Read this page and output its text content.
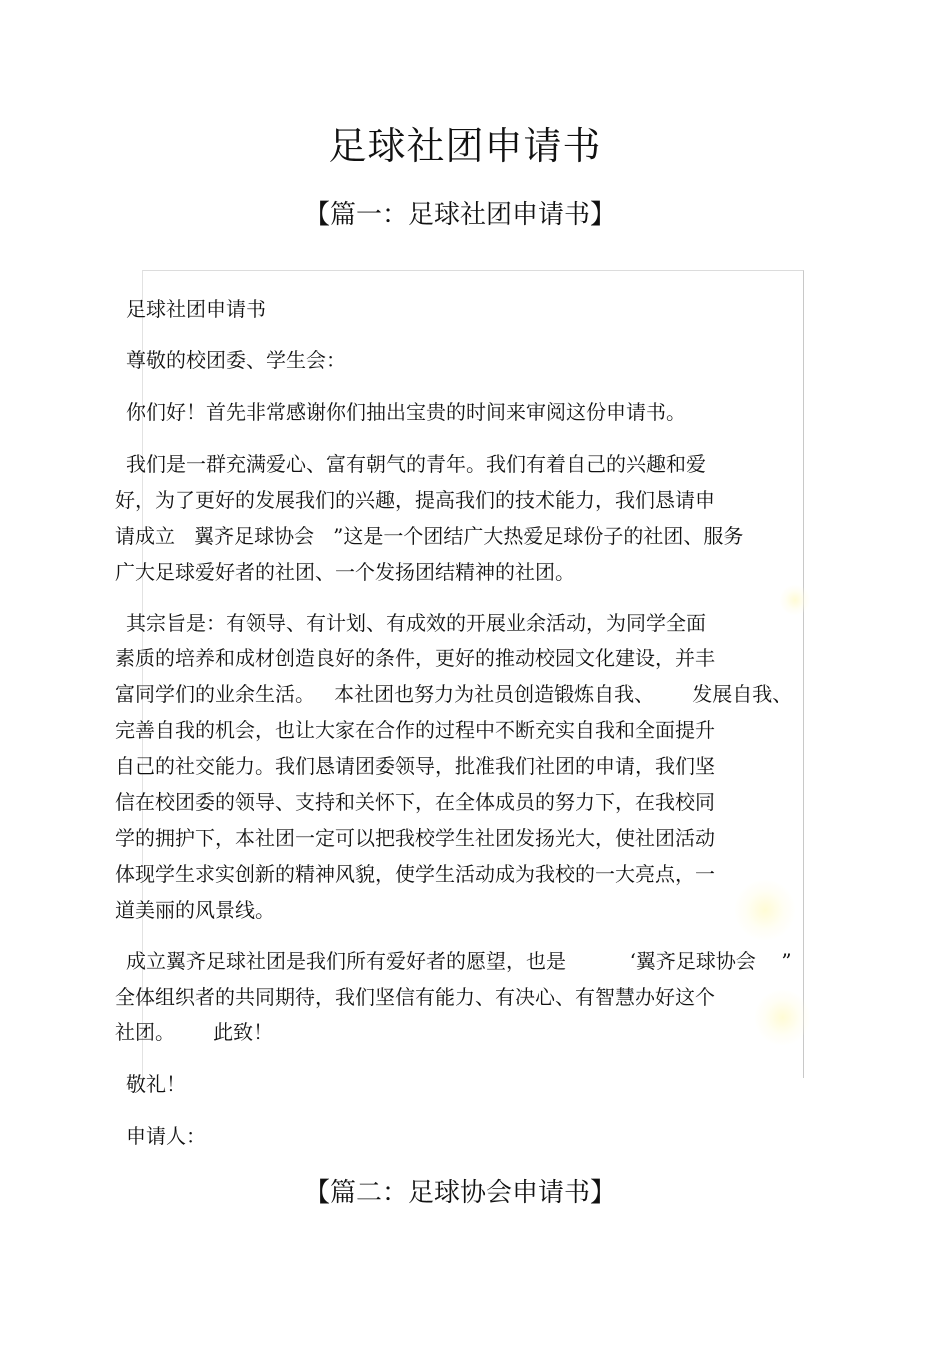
足球社团申请书
【篇一：足球社团申请书】
足球社团申请书
尊敬的校团委、学生会：
你们好！首先非常感谢你们抽出宝贵的时间来审阅这份申请书。
我们是一群充满爱心、富有朝气的青年。我们有着自己的兴趣和爱
好，为了更好的发展我们的兴趣，提高我们的技术能力，我们恳请申
请成立   翼齐足球协会   ”这是一个团结广大热爱足球份子的社团、服务
广大足球爱好者的社团、一个发扬团结精神的社团。
其宗旨是：有领导、有计划、有成效的开展业余活动，为同学全面
素质的培养和成材创造良好的条件，更好的推动校园文化建设，并丰
富同学们的业余生活。   本社团也努力为社员创造锻炼自我、      发展自我、
完善自我的机会，也让大家在合作的过程中不断充实自我和全面提升
自己的社交能力。我们恳请团委领导，批准我们社团的申请，我们坚
信在校团委的领导、支持和关怀下，在全体成员的努力下，在我校同
学的拥护下，本社团一定可以把我校学生社团发扬光大，使社团活动
体现学生求实创新的精神风貌，使学生活动成为我校的一大亮点，一
道美丽的风景线。
成立翼齐足球社团是我们所有爱好者的愿望，也是          ‘翼齐足球协会    ”
全体组织者的共同期待，我们坚信有能力、有决心、有智慧办好这个
社团。      此致！
敬礼！
申请人：
【篇二：足球协会申请书】
